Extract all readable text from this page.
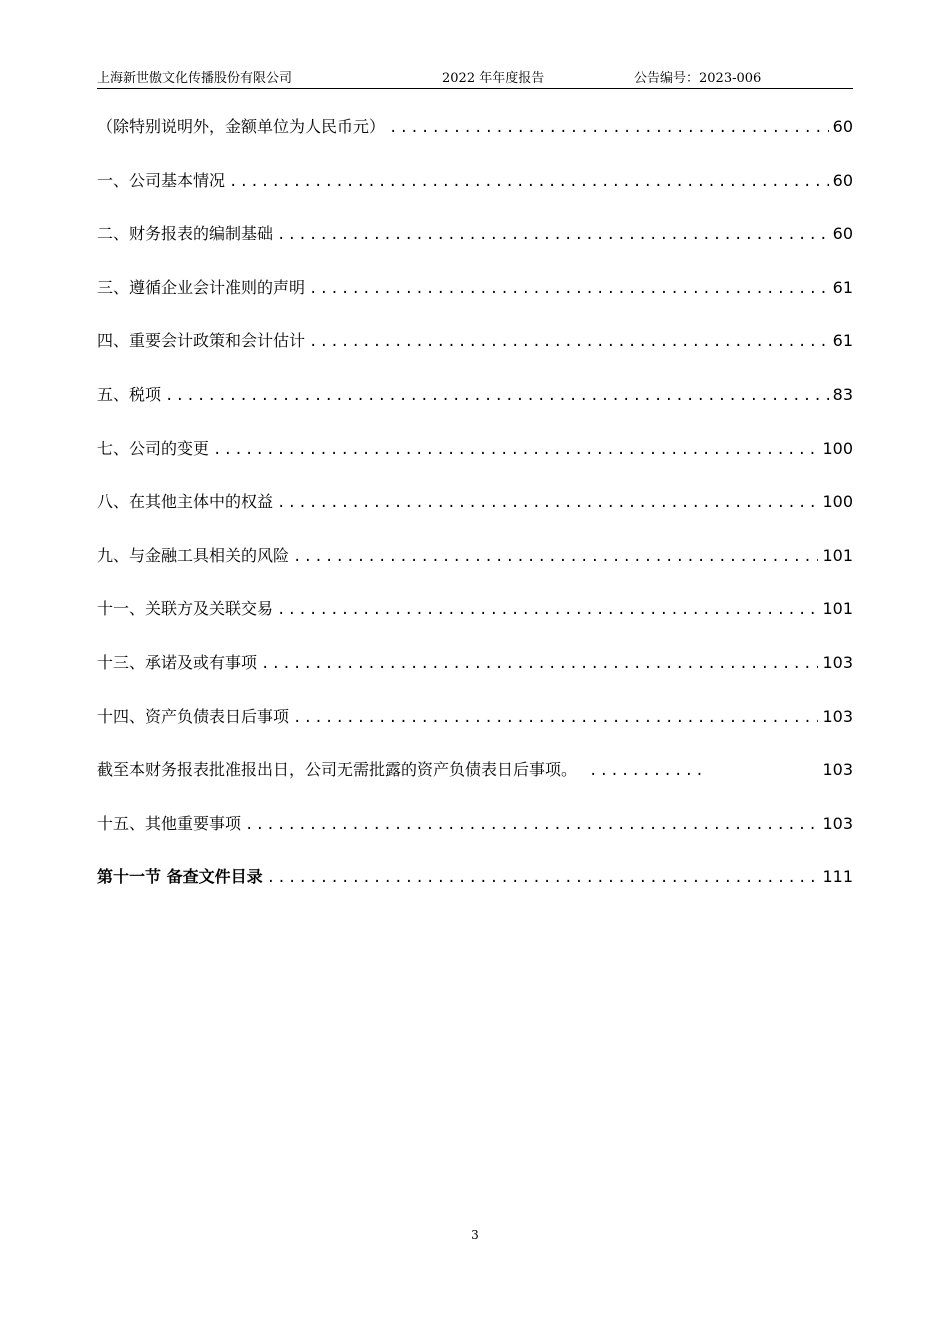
上海新世傲文化传播股份有限公司	2022 年年度报告	公告编号：2023-006
（除特别说明外，金额单位为人民币元） .....	60
一、公司基本情况 .....	60
二、财务报表的编制基础 .....	60
三、遵循企业会计准则的声明 .....	61
四、重要会计政策和会计估计 .....	61
五、税项 .....	83
七、公司的变更 .....	100
八、在其他主体中的权益 .....	100
九、与金融工具相关的风险 .....	101
十一、关联方及关联交易 .....	101
十三、承诺及或有事项 .....	103
十四、资产负债表日后事项 .....	103
截至本财务报表批准报出日，公司无需批露的资产负债表日后事项。 .....	103
十五、其他重要事项 .....	103
第十一节 备查文件目录 .....	111
3
